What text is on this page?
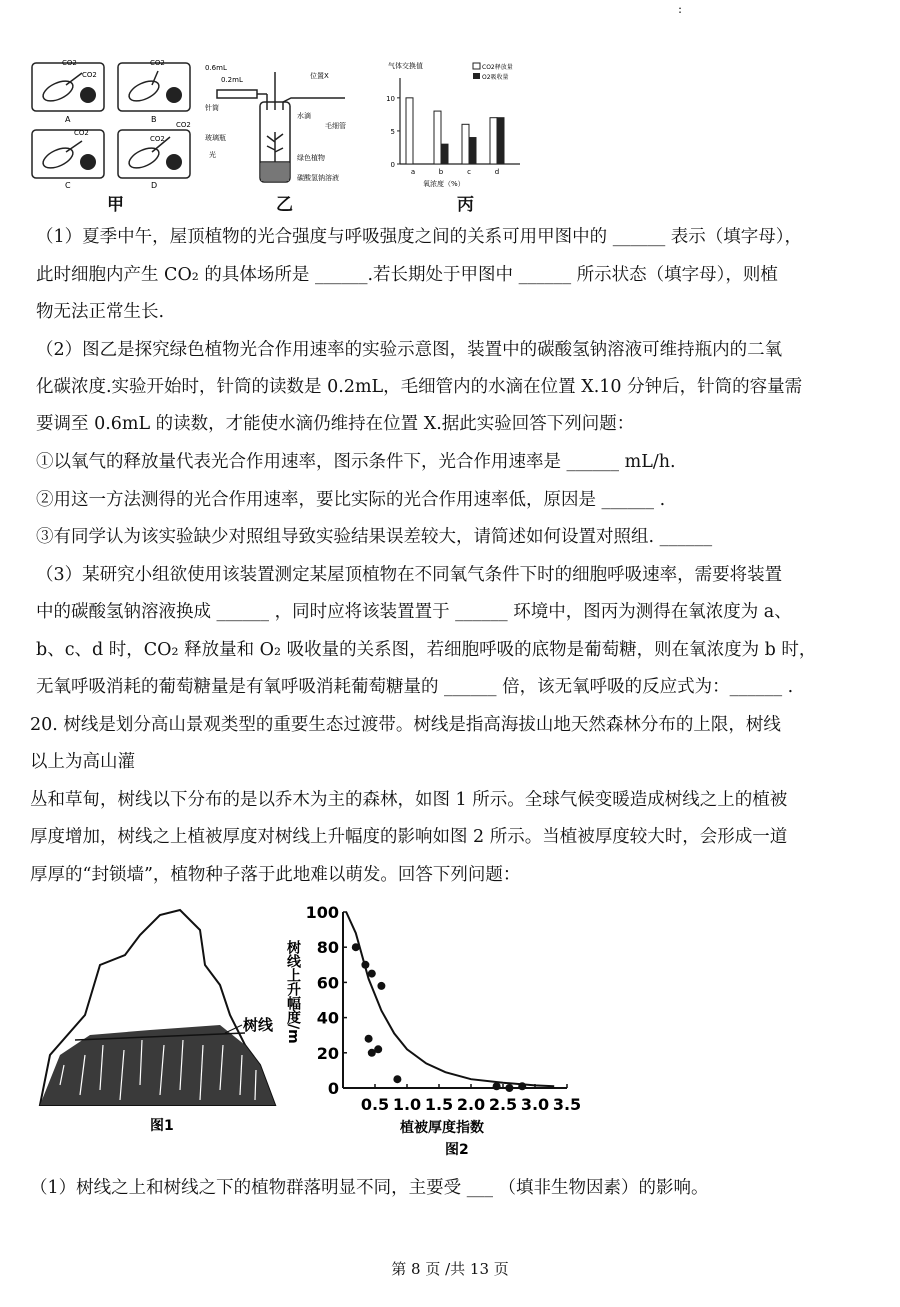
:
CO2
CO2
CO2
CO2
CO2
CO2
A	B
C	D
甲
0.6mL
0.2mL
针筒
位置X
水滴
毛细管
玻璃瓶
光	绿色植物
碳酸氢钠溶液
乙
气体交换值	CO2释放量
O2吸收量
0
5
10
a	b	c	d
氧浓度（%）
丙
（1）夏季中午，屋顶植物的光合强度与呼吸强度之间的关系可用甲图中的 ______ 表示（填字母），
此时细胞内产生 CO₂ 的具体场所是 ______.若长期处于甲图中 ______ 所示状态（填字母），则植
物无法正常生长.
（2）图乙是探究绿色植物光合作用速率的实验示意图，装置中的碳酸氢钠溶液可维持瓶内的二氧
化碳浓度.实验开始时，针筒的读数是 0.2mL，毛细管内的水滴在位置 X.10 分钟后，针筒的容量需
要调至 0.6mL 的读数，才能使水滴仍维持在位置 X.据此实验回答下列问题：
①以氧气的释放量代表光合作用速率，图示条件下，光合作用速率是 ______ mL/h.
②用这一方法测得的光合作用速率，要比实际的光合作用速率低，原因是 ______ .
③有同学认为该实验缺少对照组导致实验结果误差较大，请简述如何设置对照组. ______
（3）某研究小组欲使用该装置测定某屋顶植物在不同氧气条件下时的细胞呼吸速率，需要将装置
中的碳酸氢钠溶液换成 ______ ，同时应将该装置置于 ______ 环境中，图丙为测得在氧浓度为 a、
b、c、d 时，CO₂ 释放量和 O₂ 吸收量的关系图，若细胞呼吸的底物是葡萄糖，则在氧浓度为 b 时，
无氧呼吸消耗的葡萄糖量是有氧呼吸消耗葡萄糖量的 ______ 倍，该无氧呼吸的反应式为：______ .
20. 树线是划分高山景观类型的重要生态过渡带。树线是指高海拔山地天然森林分布的上限，树线
以上为高山灌
丛和草甸，树线以下分布的是以乔木为主的森林，如图 1 所示。全球气候变暖造成树线之上的植被
厚度增加，树线之上植被厚度对树线上升幅度的影响如图 2 所示。当植被厚度较大时，会形成一道
厚厚的“封锁墙”，植物种子落于此地难以萌发。回答下列问题：
树线
图1
树线上升幅度/m
0
20
40
60
80
100
0.5 1.0 1.5 2.0 2.5 3.0 3.5
植被厚度指数
图2
（1）树线之上和树线之下的植物群落明显不同，主要受 ___ （填非生物因素）的影响。
第 8 页 /共 13 页
